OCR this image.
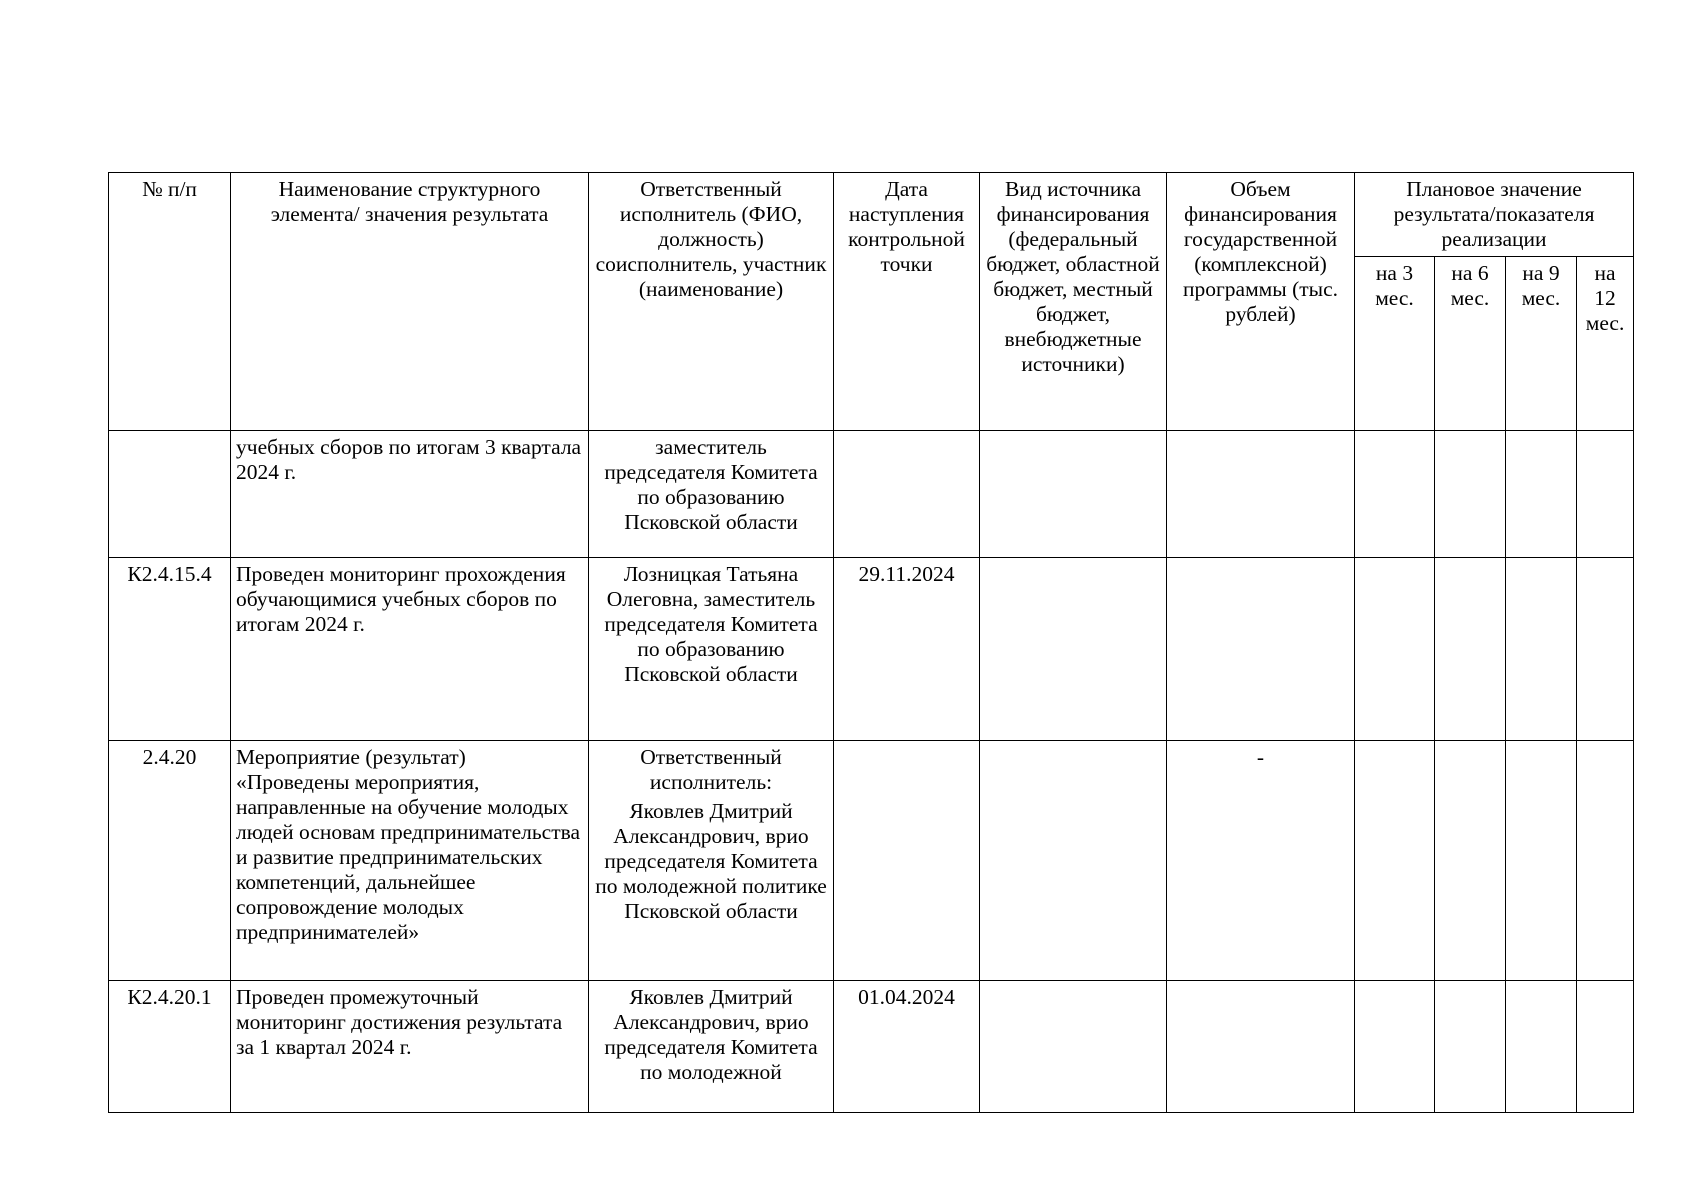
№ п/п	Наименование структурного элемента/ значения результата	Ответственный исполнитель (ФИО, должность) соисполнитель, участник (наименование)	Дата наступления контрольной точки	Вид источника финансирования (федеральный бюджет, областной бюджет, местный бюджет, внебюджетные источники)	Объем финансирования государственной (комплексной) программы (тыс. рублей)	Плановое значение результата/показателя реализации			
						на 3 мес.	на 6 мес.	на 9 мес.	на 12 мес.
	учебных сборов по итогам 3 квартала 2024 г.	заместитель председателя Комитета по образованию Псковской области							
К2.4.15.4	Проведен мониторинг прохождения обучающимися учебных сборов по итогам 2024 г.	Лозницкая Татьяна Олеговна, заместитель председателя Комитета по образованию Псковской области	29.11.2024						
2.4.20	Мероприятие (результат) «Проведены мероприятия, направленные на обучение молодых людей основам предпринимательства и развитие предпринимательских компетенций, дальнейшее сопровождение молодых предпринимателей»	Ответственный исполнитель:
Яковлев Дмитрий Александрович, врио председателя Комитета по молодежной политике Псковской области			-				
К2.4.20.1	Проведен промежуточный мониторинг достижения результата за 1 квартал 2024 г.	Яковлев Дмитрий Александрович, врио председателя Комитета по молодежной	01.04.2024						
